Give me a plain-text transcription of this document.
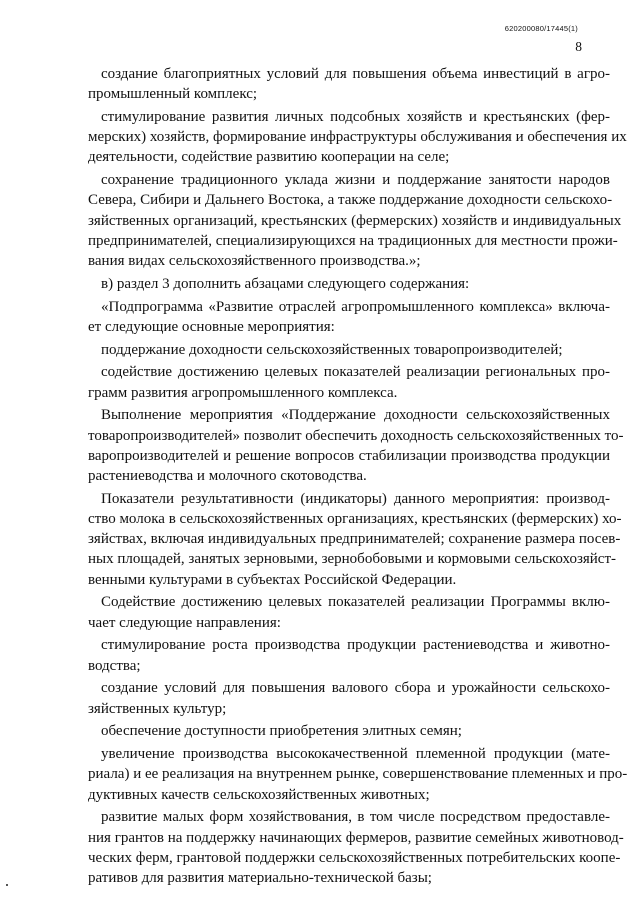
620200080/17445(1)
8
создание благоприятных условий для повышения объема инвестиций в агро-
промышленный комплекс;
стимулирование развития личных подсобных хозяйств и крестьянских (фер-
мерских) хозяйств, формирование инфраструктуры обслуживания и обеспечения их
деятельности, содействие развитию кооперации на селе;
сохранение традиционного уклада жизни и поддержание занятости народов
Севера, Сибири и Дальнего Востока, а также поддержание доходности сельскохо-
зяйственных организаций, крестьянских (фермерских) хозяйств и индивидуальных
предпринимателей, специализирующихся на традиционных для местности прожи-
вания видах сельскохозяйственного производства.»;
в) раздел 3 дополнить абзацами следующего содержания:
«Подпрограмма «Развитие отраслей агропромышленного комплекса» включа-
ет следующие основные мероприятия:
поддержание доходности сельскохозяйственных товаропроизводителей;
содействие достижению целевых показателей реализации региональных про-
грамм развития агропромышленного комплекса.
Выполнение мероприятия «Поддержание доходности сельскохозяйственных
товаропроизводителей» позволит обеспечить доходность сельскохозяйственных то-
варопроизводителей и решение вопросов стабилизации производства продукции
растениеводства и молочного скотоводства.
Показатели результативности (индикаторы) данного мероприятия: производ-
ство молока в сельскохозяйственных организациях, крестьянских (фермерских) хо-
зяйствах, включая индивидуальных предпринимателей; сохранение размера посев-
ных площадей, занятых зерновыми, зернобобовыми и кормовыми сельскохозяйст-
венными культурами в субъектах Российской Федерации.
Содействие достижению целевых показателей реализации Программы вклю-
чает следующие направления:
стимулирование роста производства продукции растениеводства и животно-
водства;
создание условий для повышения валового сбора и урожайности сельскохо-
зяйственных культур;
обеспечение доступности приобретения элитных семян;
увеличение производства высококачественной племенной продукции (мате-
риала) и ее реализация на внутреннем рынке, совершенствование племенных и про-
дуктивных качеств сельскохозяйственных животных;
развитие малых форм хозяйствования, в том числе посредством предоставле-
ния грантов на поддержку начинающих фермеров, развитие семейных животновод-
ческих ферм, грантовой поддержки сельскохозяйственных потребительских коопе-
ративов для развития материально-технической базы;
